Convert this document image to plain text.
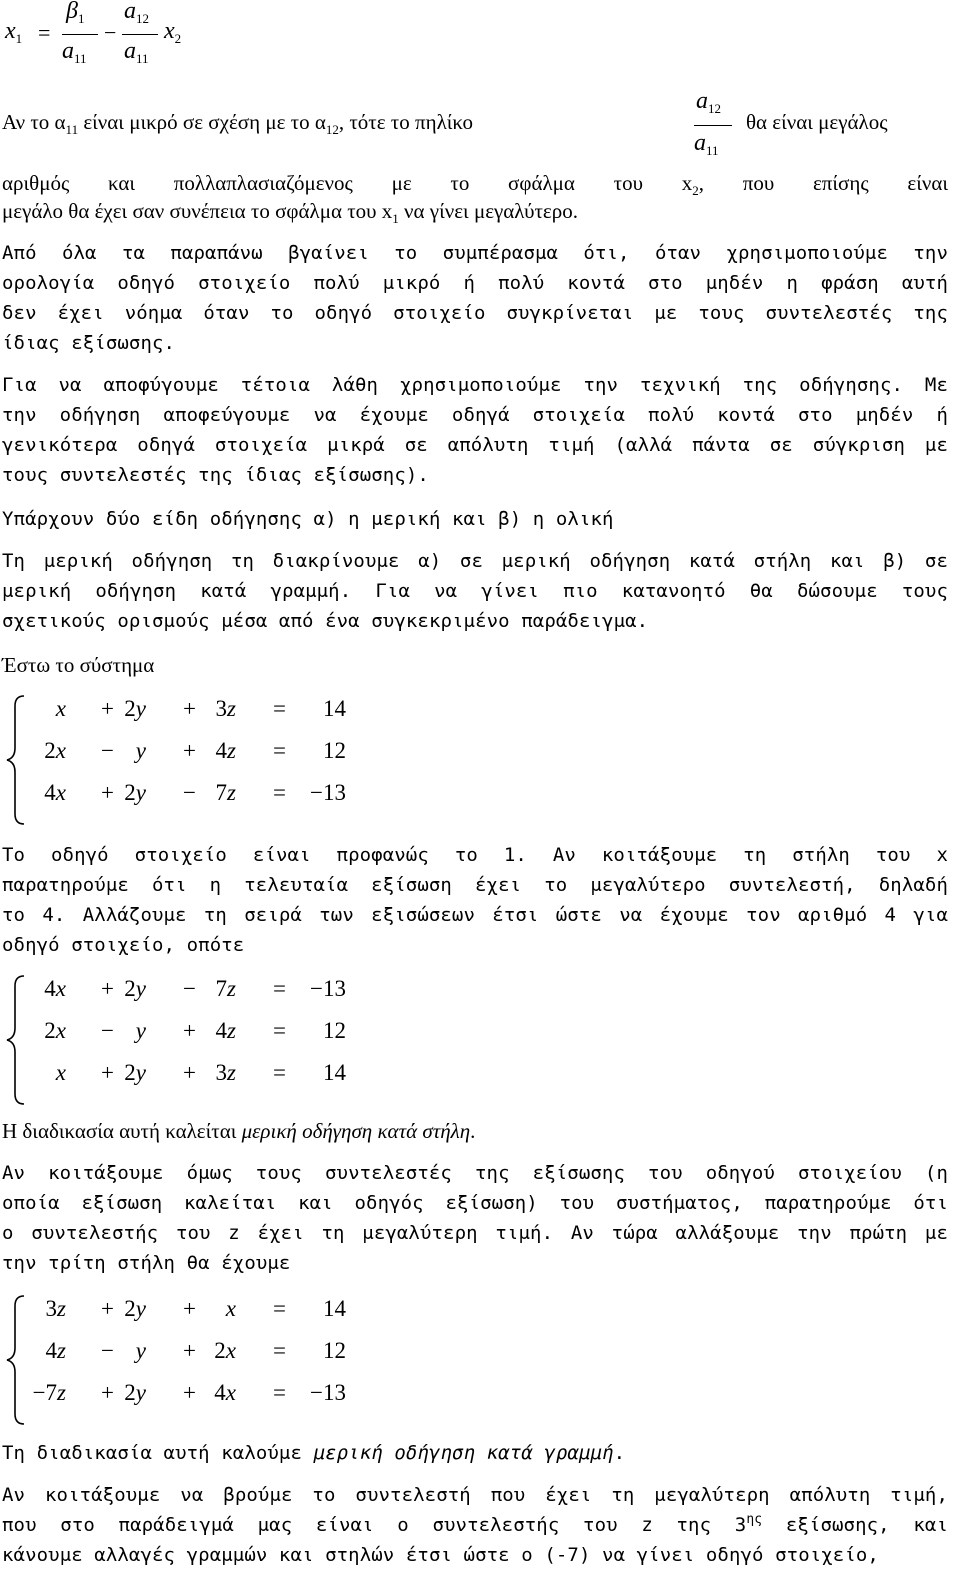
$x_1$ =
$\beta_1$
$a_{11}$
−
$a_{12}$
$a_{11}$
$x_2$
Αν το $\alpha_{11}$ είναι μικρό σε σχέση με το $\alpha_{12}$, τότε το πηλίκο	θα είναι μεγάλος
$a_{12}$
$a_{11}$
αριθμός και πολλαπλασιαζόμενος με το σφάλμα του $x_2$, που επίσης είναι
μεγάλο θα έχει σαν συνέπεια το σφάλμα του $x_1$ να γίνει μεγαλύτερο.
Από όλα τα παραπάνω βγαίνει το συμπέρασμα ότι, όταν χρησιμοποιούμε την
ορολογία οδηγό στοιχείο πολύ μικρό ή πολύ κοντά στο μηδέν η φράση αυτή
δεν έχει νόημα όταν το οδηγό στοιχείο συγκρίνεται με τους συντελεστές της
ίδιας εξίσωσης.
Για να αποφύγουμε τέτοια λάθη χρησιμοποιούμε την τεχνική της οδήγησης. Με
την οδήγηση αποφεύγουμε να έχουμε οδηγά στοιχεία πολύ κοντά στο μηδέν ή
γενικότερα οδηγά στοιχεία μικρά σε απόλυτη τιμή (αλλά πάντα σε σύγκριση με
τους συντελεστές της ίδιας εξίσωσης).
Υπάρχουν δύο είδη οδήγησης α) η μερική και β) η ολική
Τη μερική οδήγηση τη διακρίνουμε α) σε μερική οδήγηση κατά στήλη και β) σε
μερική οδήγηση κατά γραμμή. Για να γίνει πιο κατανοητό θα δώσουμε τους
σχετικούς ορισμούς μέσα από ένα συγκεκριμένο παράδειγμα.
Έστω το σύστημα
x + 2y + 3z = 14
2x − y + 4z = 12
4x + 2y − 7z = −13
Το οδηγό στοιχείο είναι προφανώς το 1. Αν κοιτάξουμε τη στήλη του x
παρατηρούμε ότι η τελευταία εξίσωση έχει το μεγαλύτερο συντελεστή, δηλαδή
το 4. Αλλάζουμε τη σειρά των εξισώσεων έτσι ώστε να έχουμε τον αριθμό 4 για
οδηγό στοιχείο, οπότε
4x + 2y − 7z = −13
2x − y + 4z = 12
x + 2y + 3z = 14
Η διαδικασία αυτή καλείται μερική οδήγηση κατά στήλη.
Αν κοιτάξουμε όμως τους συντελεστές της εξίσωσης του οδηγού στοιχείου (η
οποία εξίσωση καλείται και οδηγός εξίσωση) του συστήματος, παρατηρούμε ότι
ο συντελεστής του z έχει τη μεγαλύτερη τιμή. Αν τώρα αλλάξουμε την πρώτη με
την τρίτη στήλη θα έχουμε
3z + 2y + x = 14
4z − y + 2x = 12
−7z + 2y + 4x = −13
Τη διαδικασία αυτή καλούμε μερική οδήγηση κατά γραμμή.
Αν κοιτάξουμε να βρούμε το συντελεστή που έχει τη μεγαλύτερη απόλυτη τιμή,
που στο παράδειγμά μας είναι ο συντελεστής του z της $3^{\eta\varsigma}$ εξίσωσης, και
κάνουμε αλλαγές γραμμών και στηλών έτσι ώστε ο (-7) να γίνει οδηγό στοιχείο,
